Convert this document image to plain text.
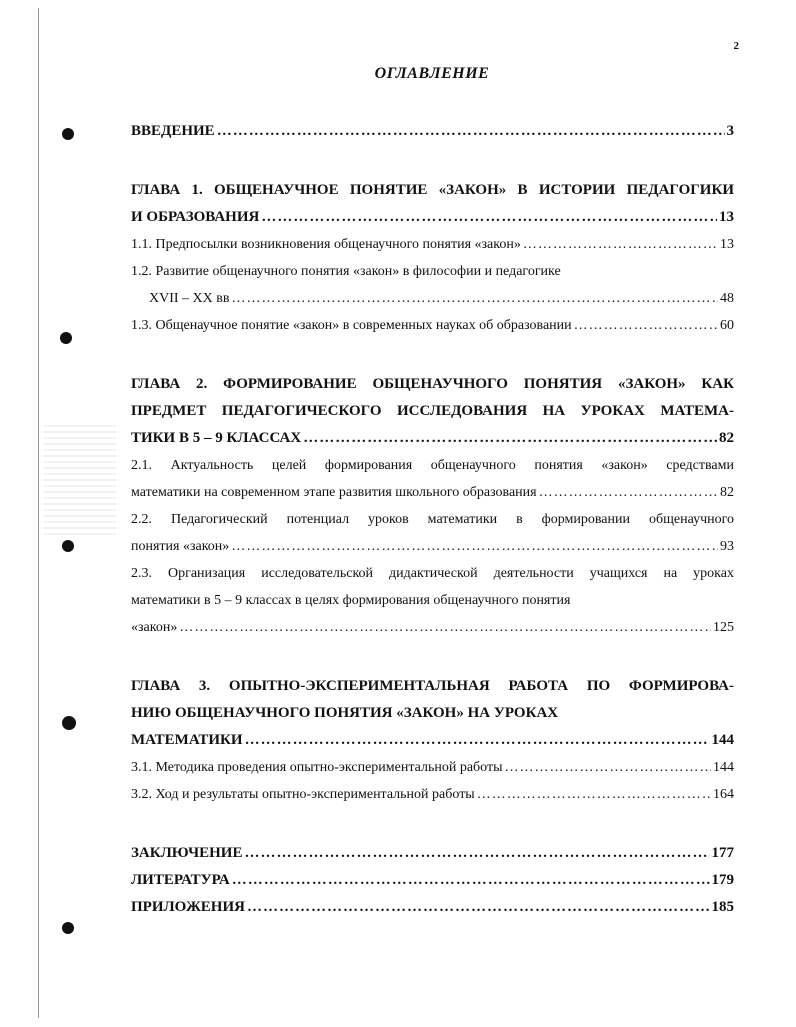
2
ОГЛАВЛЕНИЕ
ВВЕДЕНИЕ ………………………………………………………………………………………………………………………………………………	3
ГЛАВА 1. ОБЩЕНАУЧНОЕ ПОНЯТИЕ «ЗАКОН» В ИСТОРИИ ПЕДАГОГИКИ
И ОБРАЗОВАНИЯ ………………………………………………………………………………………………………………………………………………	13
1.1. Предпосылки возникновения общенаучного понятия «закон» ………………………………………………………………………………………………………………………………………………	13
1.2. Развитие общенаучного понятия «закон» в философии и педагогике
XVII – XX вв ………………………………………………………………………………………………………………………………………………	48
1.3. Общенаучное понятие «закон» в современных науках об образовании ………………………………………………………………………………………………………………………………………………	60
ГЛАВА 2. ФОРМИРОВАНИЕ ОБЩЕНАУЧНОГО ПОНЯТИЯ «ЗАКОН» КАК
ПРЕДМЕТ ПЕДАГОГИЧЕСКОГО ИССЛЕДОВАНИЯ НА УРОКАХ МАТЕМА-
ТИКИ В 5 – 9 КЛАССАХ ………………………………………………………………………………………………………………………………………………	82
2.1. Актуальность целей формирования общенаучного понятия «закон» средствами
математики на современном этапе развития школьного образования ………………………………………………………………………………………………………………………………………………	82
2.2. Педагогический потенциал уроков математики в формировании общенаучного
понятия «закон» ………………………………………………………………………………………………………………………………………………	93
2.3. Организация исследовательской дидактической деятельности учащихся на уроках
математики в 5 – 9 классах в целях формирования общенаучного понятия
«закон» ………………………………………………………………………………………………………………………………………………	125
ГЛАВА 3. ОПЫТНО-ЭКСПЕРИМЕНТАЛЬНАЯ РАБОТА ПО ФОРМИРОВА-
НИЮ ОБЩЕНАУЧНОГО ПОНЯТИЯ «ЗАКОН» НА УРОКАХ
МАТЕМАТИКИ ………………………………………………………………………………………………………………………………………………	144
3.1. Методика проведения опытно-экспериментальной работы ………………………………………………………………………………………………………………………………………………	144
3.2. Ход и результаты опытно-экспериментальной работы ………………………………………………………………………………………………………………………………………………	164
ЗАКЛЮЧЕНИЕ ………………………………………………………………………………………………………………………………………………	177
ЛИТЕРАТУРА ………………………………………………………………………………………………………………………………………………	179
ПРИЛОЖЕНИЯ ………………………………………………………………………………………………………………………………………………	185
